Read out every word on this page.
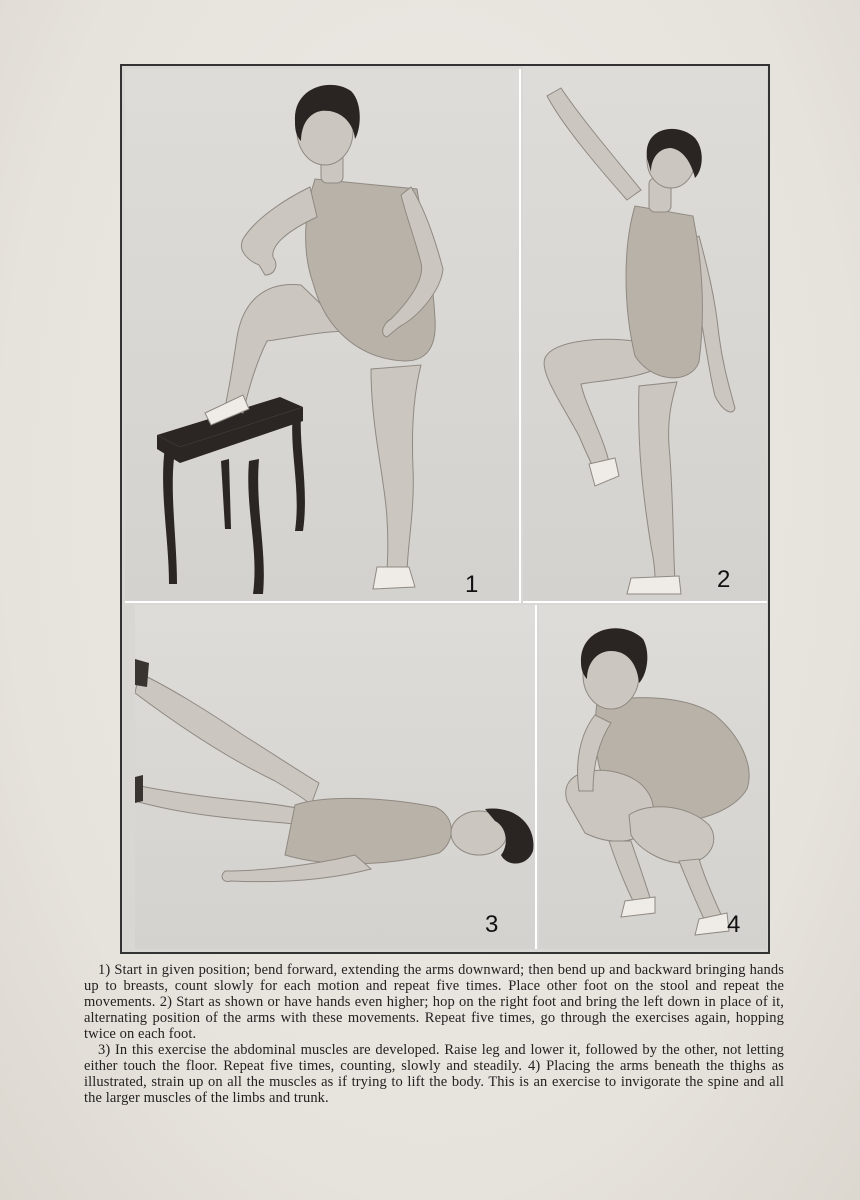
1	2
3	4

1) Start in given position; bend forward, extending the arms downward; then bend up and backward bringing hands up to breasts, count slowly for each motion and repeat five times. Place other foot on the stool and repeat the movements. 2) Start as shown or have hands even higher; hop on the right foot and bring the left down in place of it, alternating position of the arms with these movements. Repeat five times, go through the exercises again, hopping twice on each foot.

3) In this exercise the abdominal muscles are developed. Raise leg and lower it, followed by the other, not letting either touch the floor. Repeat five times, counting, slowly and steadily. 4) Placing the arms beneath the thighs as illustrated, strain up on all the muscles as if trying to lift the body. This is an exercise to invigorate the spine and all the larger muscles of the limbs and trunk.
